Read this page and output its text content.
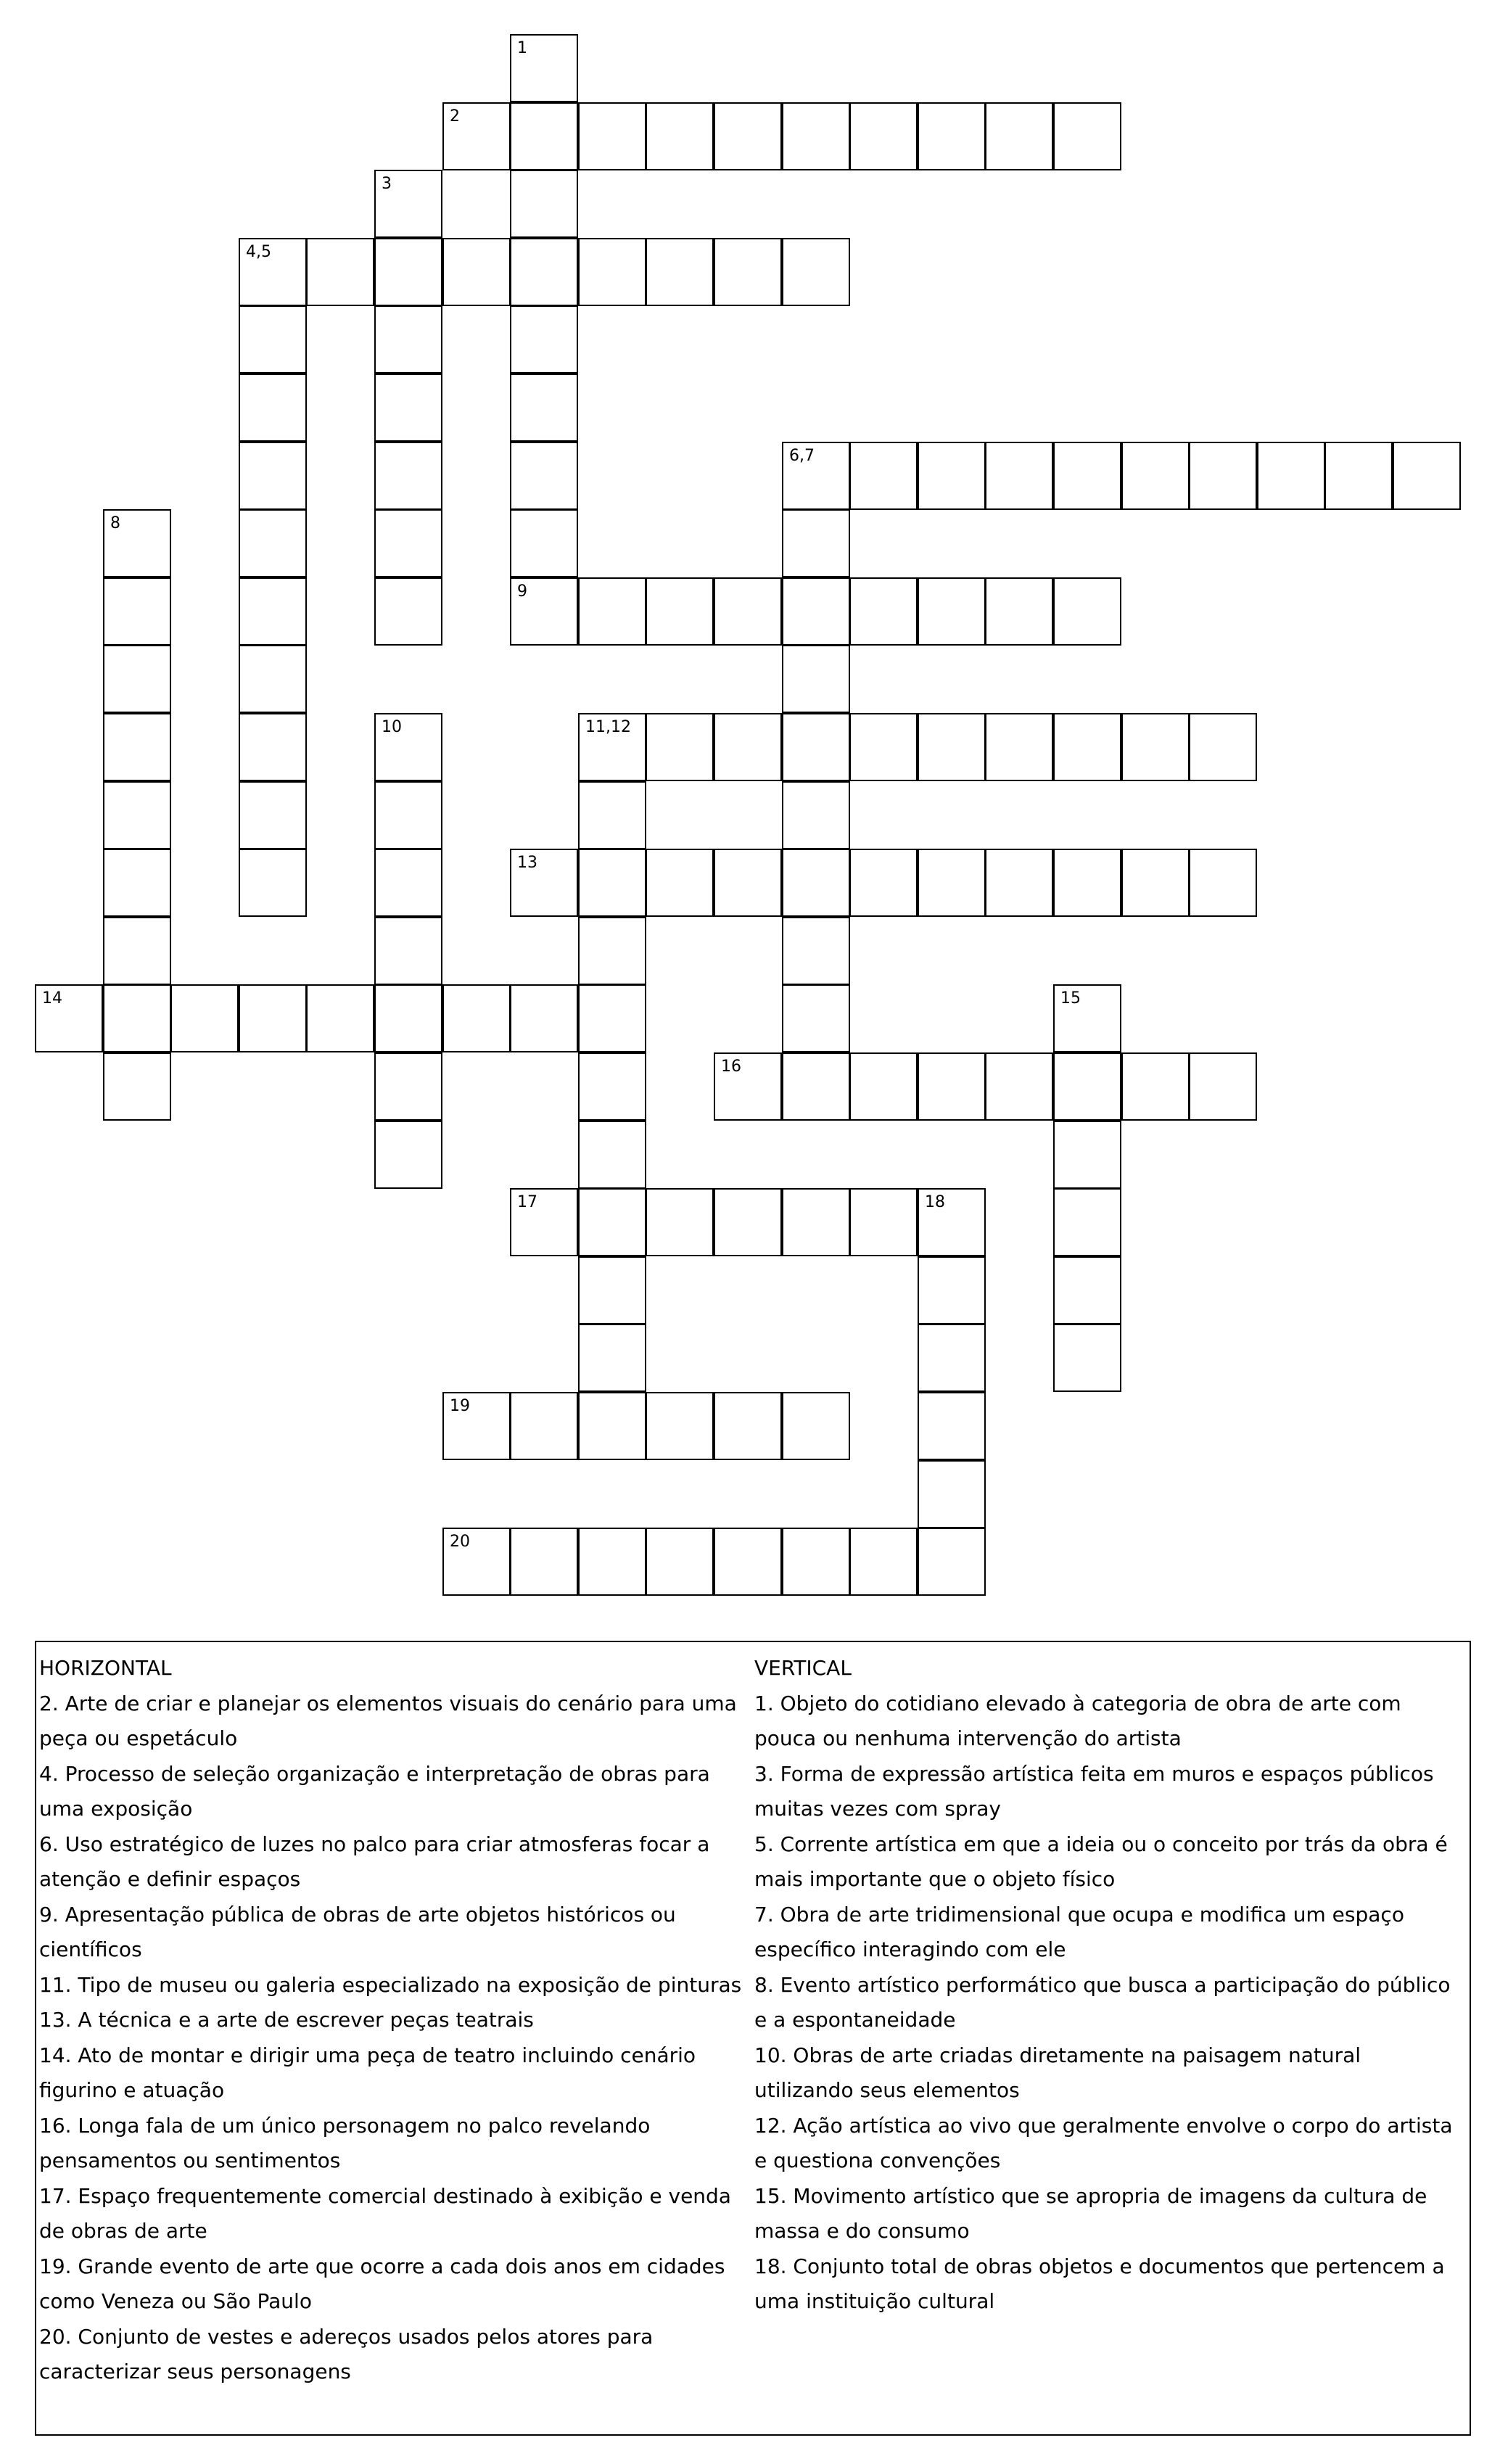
1
2
3
4,5
6,7
8
9
10	11,12
13
14	15
16
17	18
19
20
HORIZONTAL
2. Arte de criar e planejar os elementos visuais do cenário para uma peça ou espetáculo
4. Processo de seleção organização e interpretação de obras para uma exposição
6. Uso estratégico de luzes no palco para criar atmosferas focar a atenção e definir espaços
9. Apresentação pública de obras de arte objetos históricos ou científicos
11. Tipo de museu ou galeria especializado na exposição de pinturas
13. A técnica e a arte de escrever peças teatrais
14. Ato de montar e dirigir uma peça de teatro incluindo cenário figurino e atuação
16. Longa fala de um único personagem no palco revelando pensamentos ou sentimentos
17. Espaço frequentemente comercial destinado à exibição e venda de obras de arte
19. Grande evento de arte que ocorre a cada dois anos em cidades como Veneza ou São Paulo
20. Conjunto de vestes e adereços usados pelos atores para caracterizar seus personagens
VERTICAL
1. Objeto do cotidiano elevado à categoria de obra de arte com pouca ou nenhuma intervenção do artista
3. Forma de expressão artística feita em muros e espaços públicos muitas vezes com spray
5. Corrente artística em que a ideia ou o conceito por trás da obra é mais importante que o objeto físico
7. Obra de arte tridimensional que ocupa e modifica um espaço específico interagindo com ele
8. Evento artístico performático que busca a participação do público e a espontaneidade
10. Obras de arte criadas diretamente na paisagem natural utilizando seus elementos
12. Ação artística ao vivo que geralmente envolve o corpo do artista e questiona convenções
15. Movimento artístico que se apropria de imagens da cultura de massa e do consumo
18. Conjunto total de obras objetos e documentos que pertencem a uma instituição cultural
